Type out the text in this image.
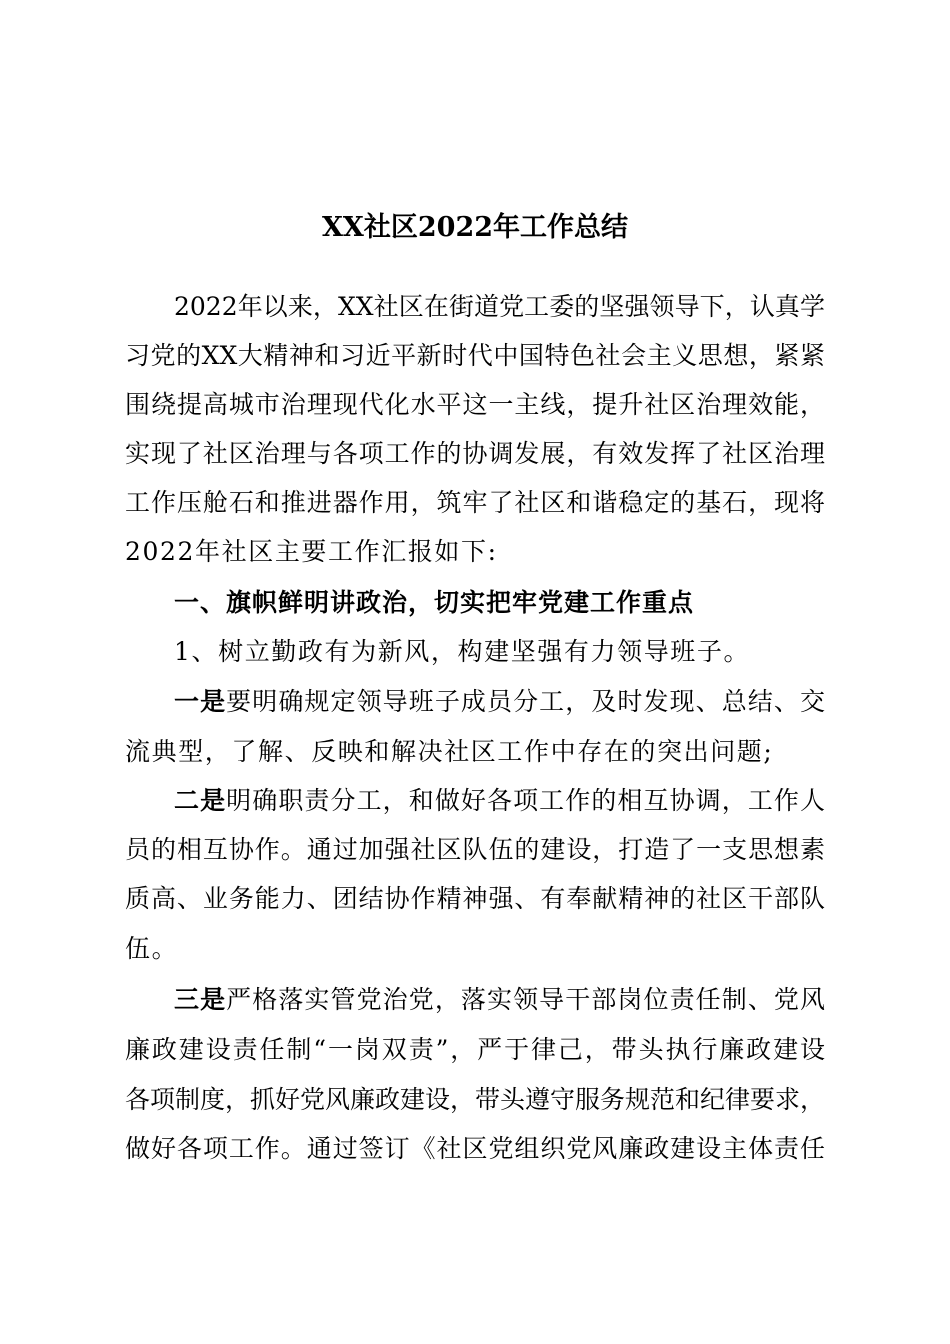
XX社区2022年工作总结
2022年以来，XX社区在街道党工委的坚强领导下，认真学
习党的XX大精神和习近平新时代中国特色社会主义思想，紧紧
围绕提高城市治理现代化水平这一主线，提升社区治理效能，
实现了社区治理与各项工作的协调发展，有效发挥了社区治理
工作压舱石和推进器作用，筑牢了社区和谐稳定的基石，现将
2022年社区主要工作汇报如下:
一、旗帜鲜明讲政治，切实把牢党建工作重点
1、树立勤政有为新风，构建坚强有力领导班子。
一是要明确规定领导班子成员分工，及时发现、总结、交
流典型，了解、反映和解决社区工作中存在的突出问题;
二是明确职责分工，和做好各项工作的相互协调，工作人
员的相互协作。通过加强社区队伍的建设，打造了一支思想素
质高、业务能力、团结协作精神强、有奉献精神的社区干部队
伍。
三是严格落实管党治党，落实领导干部岗位责任制、党风
廉政建设责任制“一岗双责”，严于律己，带头执行廉政建设
各项制度，抓好党风廉政建设，带头遵守服务规范和纪律要求，
做好各项工作。通过签订《社区党组织党风廉政建设主体责任
